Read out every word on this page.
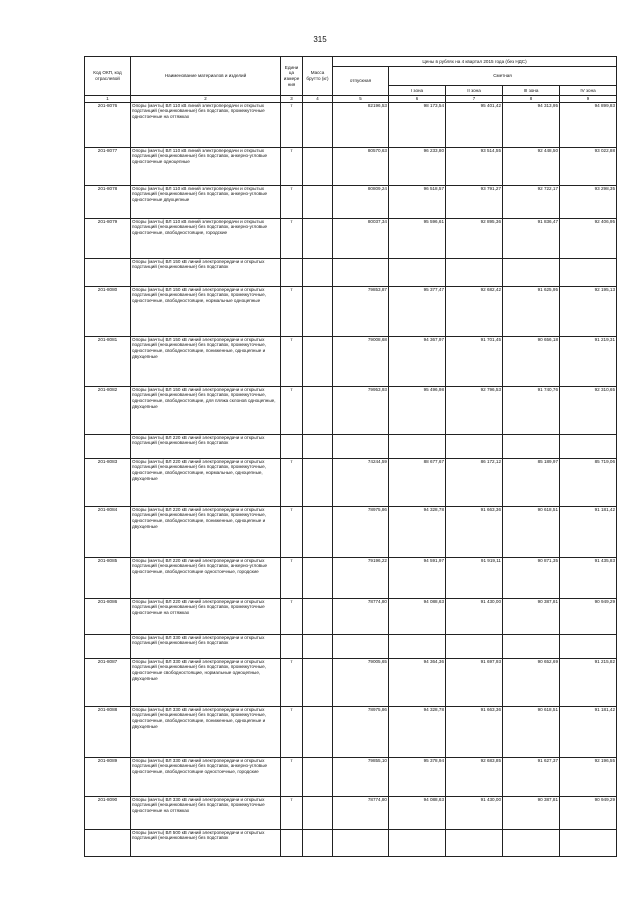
315
Код ОКП, код отраслевой	Наименование материалов и изделий	Едини ца измере ния	Масса брутто (кг)	Цены в рублях на 4 квартал 2015 года (без НДС)				
				отпускная	Сметная			
					I зона	II зона	III зона	IV зона
1	2	3	4	5	6	7	8	9
201-8076	Опоры (мачты) ВЛ 110 кВ линий электропередачи и открытых подстанций (неоцинкованные) без подставок, промежуточные одностоечные на оттяжках	т		82196,53	98 173,54	95 401,42	94 313,95	94 899,83
201-8077	Опоры (мачты) ВЛ 110 кВ линий электропередачи и открытых подстанций (неоцинкованные) без подставок, анкерно-угловые одностоечные одноцепные	т		80570,63	96 233,80	93 514,55	92 448,50	93 022,88
201-8078	Опоры (мачты) ВЛ 110 кВ линий электропередачи и открытых подстанций (неоцинкованные) без подставок, анкерно-угловые одностоечные двухцепные	т		80809,24	96 518,57	93 791,27	92 722,17	93 298,35
201-8079	Опоры (мачты) ВЛ 110 кВ линий электропередачи и открытых подстанций (неоцинкованные) без подставок, анкерно-угловые одностоечные, свободностоящие, городские	т		80037,34	95 596,61	92 895,36	91 836,47	92 406,95
	Опоры (мачты) ВЛ 150 кВ линий электропередачи и открытых подстанций (неоцинкованные) без подставок							
201-8080	Опоры (мачты) ВЛ 150 кВ линий электропередачи и открытых подстанций (неоцинкованные) без подставок, промежуточные, одностоечные, свободностоящие, нормальные одноцепные	т		79853,87	95 377,47	92 682,42	91 625,95	92 195,13
201-8081	Опоры (мачты) ВЛ 150 кВ линий электропередачи и открытых подстанций (неоцинкованные) без подставок, промежуточные, одностоечные, свободностоящие, пониженные, одноцепные и двухцепные	т		79008,68	94 367,97	91 701,45	90 656,18	91 219,31
201-8082	Опоры (мачты) ВЛ 150 кВ линий электропередачи и открытых подстанций (неоцинкованные) без подставок, промежуточные, одностоечные, свободностоящие, для пляжа склонов одноцепные, двухцепные	т		79953,93	95 496,98	92 796,53	91 740,76	92 310,65
	Опоры (мачты) ВЛ 220 кВ линий электропередачи и открытых подстанций (неоцинкованные) без подставок							
201-8083	Опоры (мачты) ВЛ 220 кВ линий электропередачи и открытых подстанций (неоцинкованные) без подставок, промежуточные, одностоечные, свободностоящие, нормальные, одноцепные, двухцепные	т		74244,59	88 677,67	86 172,12	85 189,97	85 719,06
201-8084	Опоры (мачты) ВЛ 220 кВ линий электропередачи и открытых подстанций (неоцинкованные) без подставок, промежуточные, одностоечные, свободностоящие, пониженные, одноцепные и двухцепные	т		78975,86	94 328,78	91 663,36	90 618,51	91 181,42
201-8085	Опоры (мачты) ВЛ 220 кВ линий электропередачи и открытых подстанций (неоцинкованные) без подставок, анкерно-угловые одностоечные, свободностоящие одностоечные, городские	т		79196,22	94 591,97	91 919,11	90 871,35	91 435,83
201-8086	Опоры (мачты) ВЛ 220 кВ линий электропередачи и открытых подстанций (неоцинкованные) без подставок, промежуточные одностоечные на оттяжках	т		78774,80	94 088,63	91 430,00	90 387,81	90 949,29
	Опоры (мачты) ВЛ 330 кВ линий электропередачи и открытых подстанций (неоцинкованные) без подставок							
201-8087	Опоры (мачты) ВЛ 330 кВ линий электропередачи и открытых подстанций (неоцинкованные) без подставок, промежуточные, одностоечные свободностоящие, нормальные одноцепные, двухцепные	т		79005,65	94 364,36	91 697,93	90 652,69	91 215,82
201-8088	Опоры (мачты) ВЛ 330 кВ линий электропередачи и открытых подстанций (неоцинкованные) без подставок, промежуточные, одностоечные, свободностоящие, пониженные, одноцепные и двухцепные	т		78975,86	94 328,78	91 663,36	90 618,51	91 181,42
201-8089	Опоры (мачты) ВЛ 330 кВ линий электропередачи и открытых подстанций (неоцинкованные) без подставок, анкерно-угловые одностоечные, свободностоящие одностоечные, городские	т		79855,10	95 378,94	92 683,85	91 627,37	92 196,55
201-8090	Опоры (мачты) ВЛ 330 кВ линий электропередачи и открытых подстанций (неоцинкованные) без подставок, промежуточные одностоечные на оттяжках	т		78774,80	94 088,63	91 430,00	90 387,81	90 949,29
	Опоры (мачты) ВЛ 500 кВ линий электропередачи и открытых подстанций (неоцинкованные) без подставок							
